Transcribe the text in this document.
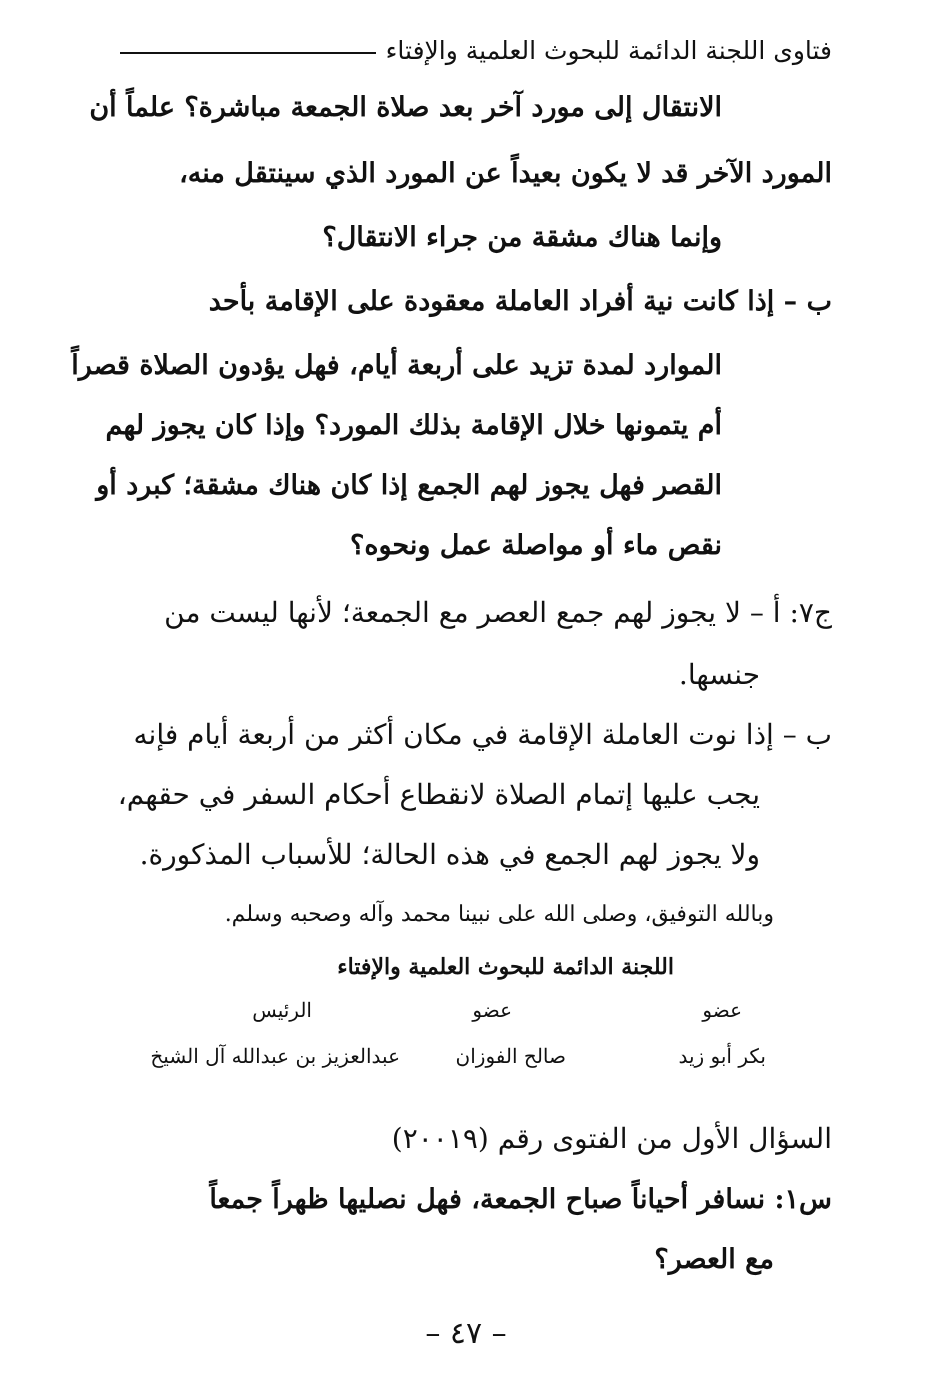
فتاوى اللجنة الدائمة للبحوث العلمية والإفتاء
الانتقال إلى مورد آخر بعد صلاة الجمعة مباشرة؟ علماً أن
المورد الآخر قد لا يكون بعيداً عن المورد الذي سينتقل منه،
وإنما هناك مشقة من جراء الانتقال؟
ب – إذا كانت نية أفراد العاملة معقودة على الإقامة بأحد
الموارد لمدة تزيد على أربعة أيام، فهل يؤدون الصلاة قصراً
أم يتمونها خلال الإقامة بذلك المورد؟ وإذا كان يجوز لهم
القصر فهل يجوز لهم الجمع إذا كان هناك مشقة؛ كبرد أو
نقص ماء أو مواصلة عمل ونحوه؟
ج٧: أ – لا يجوز لهم جمع العصر مع الجمعة؛ لأنها ليست من
جنسها.
ب – إذا نوت العاملة الإقامة في مكان أكثر من أربعة أيام فإنه
يجب عليها إتمام الصلاة لانقطاع أحكام السفر في حقهم،
ولا يجوز لهم الجمع في هذه الحالة؛ للأسباب المذكورة.
وبالله التوفيق، وصلى الله على نبينا محمد وآله وصحبه وسلم.
اللجنة الدائمة للبحوث العلمية والإفتاء
عضو
عضو
الرئيس
بكر أبو زيد
صالح الفوزان
عبدالعزيز بن عبدالله آل الشيخ
السؤال الأول من الفتوى رقم (٢٠٠١٩)
س١: نسافر أحياناً صباح الجمعة، فهل نصليها ظهراً جمعاً
مع العصر؟
– ٤٧ –
